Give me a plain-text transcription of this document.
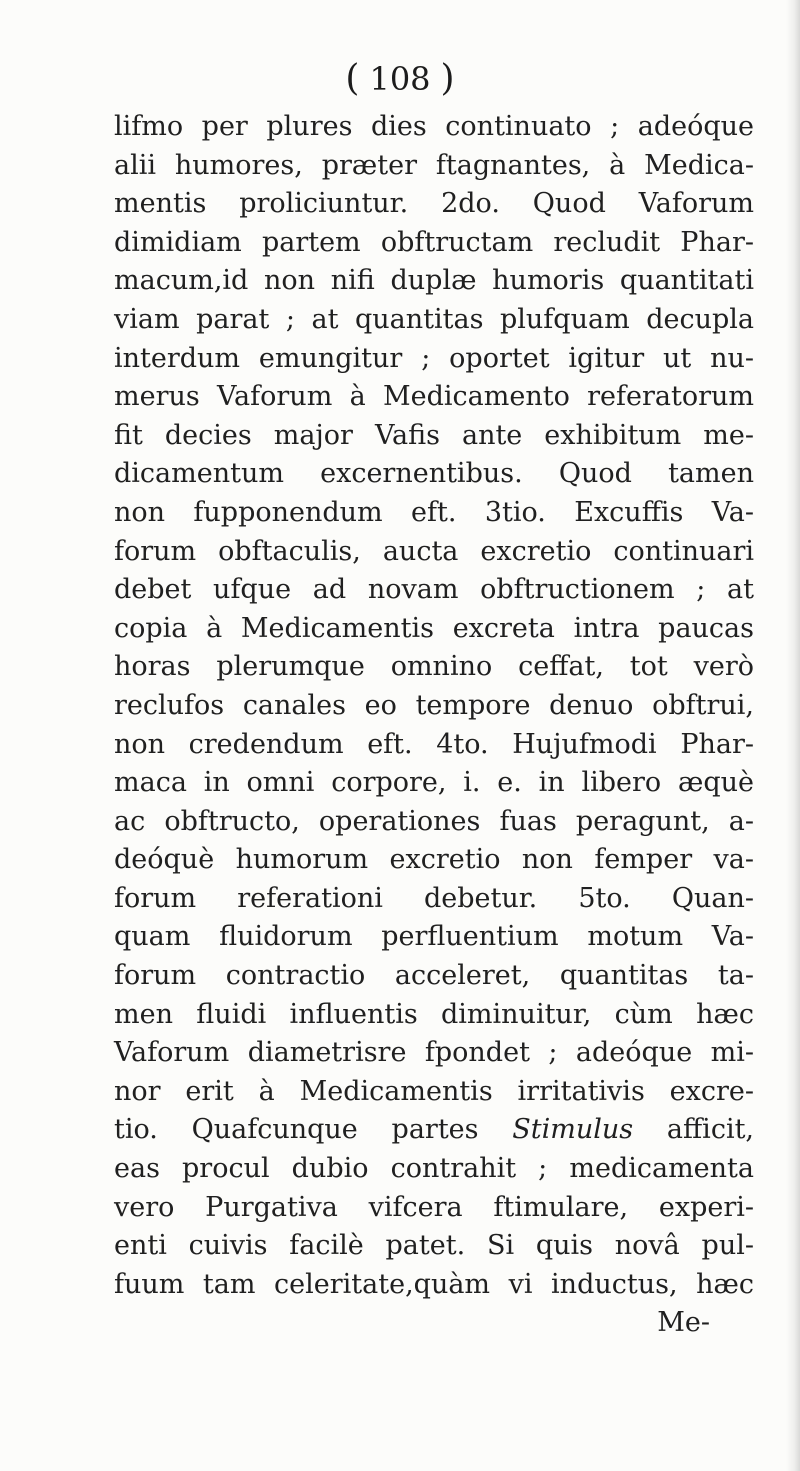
( 108 )
lifmo per plures dies continuato ; adeóque
alii humores, præter ftagnantes, à Medica-
mentis proliciuntur. 2do. Quod Vaforum
dimidiam partem obftructam recludit Phar-
macum,id non nifi duplæ humoris quantitati
viam parat ; at quantitas plufquam decupla
interdum emungitur ; oportet igitur ut nu-
merus Vaforum à Medicamento referatorum
fit decies major Vafis ante exhibitum me-
dicamentum excernentibus. Quod tamen
non fupponendum eft. 3tio. Excuffis Va-
forum obftaculis, aucta excretio continuari
debet ufque ad novam obftructionem ; at
copia à Medicamentis excreta intra paucas
horas plerumque omnino ceffat, tot verò
reclufos canales eo tempore denuo obftrui,
non credendum eft. 4to. Hujufmodi Phar-
maca in omni corpore, i. e. in libero æquè
ac obftructo, operationes fuas peragunt, a-
deóquè humorum excretio non femper va-
forum referationi debetur. 5to. Quan-
quam fluidorum perfluentium motum Va-
forum contractio acceleret, quantitas ta-
men fluidi influentis diminuitur, cùm hæc
Vaforum diametrisre fpondet ; adeóque mi-
nor erit à Medicamentis irritativis excre-
tio. Quafcunque partes Stimulus afficit,
eas procul dubio contrahit ; medicamenta
vero Purgativa vifcera ftimulare, experi-
enti cuivis facilè patet. Si quis novâ pul-
fuum tam celeritate,quàm vi inductus, hæc
Me-
